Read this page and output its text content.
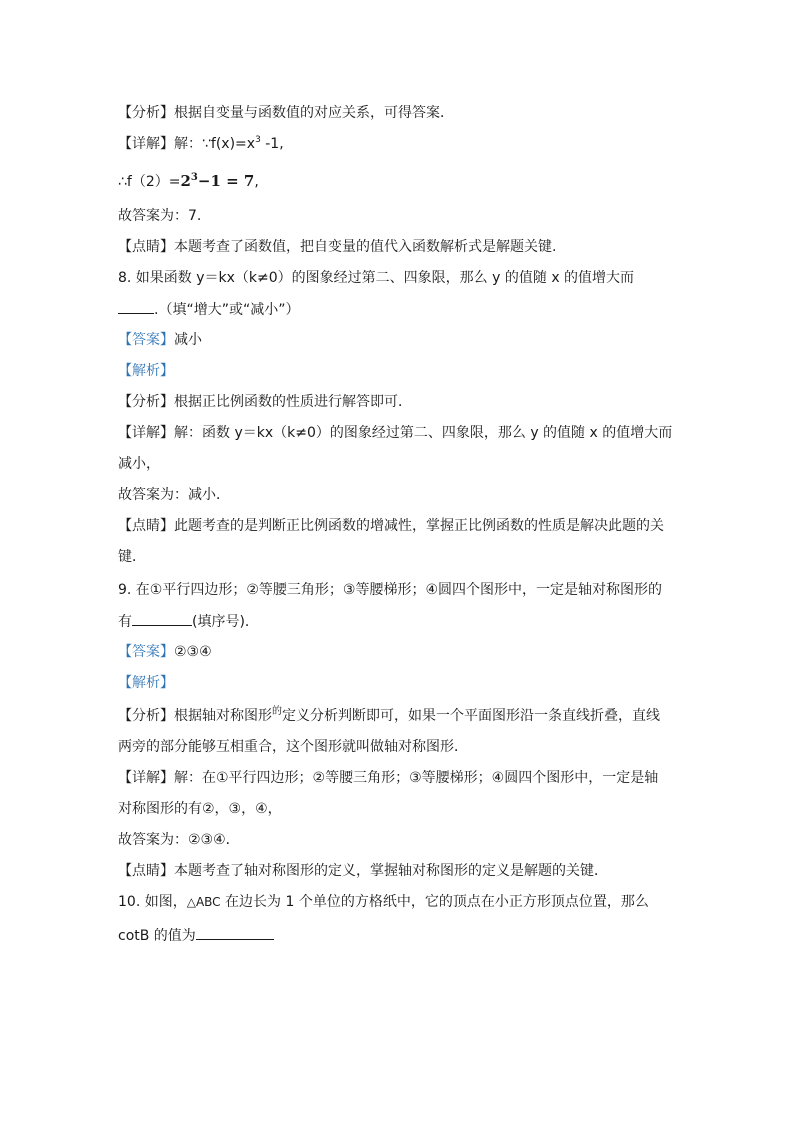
【分析】根据自变量与函数值的对应关系，可得答案．
【详解】解：$\because f(x)=x^3$ -1,
$\therefore f(2)=2^3-1 = 7$,
故答案为：7.
【点睛】本题考查了函数值，把自变量的值代入函数解析式是解题关键.
8. 如果函数 y＝kx（k≠0）的图象经过第二、四象限，那么 y 的值随 x 的值增大而
.（填“增大”或“减小”）
【答案】减小
【解析】
【分析】根据正比例函数的性质进行解答即可．
【详解】解：函数 y＝kx（k≠0）的图象经过第二、四象限，那么 y 的值随 x 的值增大而
减小，
故答案为：减小．
【点睛】此题考查的是判断正比例函数的增减性，掌握正比例函数的性质是解决此题的关
键．
9. 在①平行四边形；②等腰三角形；③等腰梯形；④圆四个图形中，一定是轴对称图形的
有	(填序号)．
【答案】②③④
【解析】
【分析】根据轴对称图形$^的$定义分析判断即可，如果一个平面图形沿一条直线折叠，直线
两旁的部分能够互相重合，这个图形就叫做轴对称图形．
【详解】解：在①平行四边形；②等腰三角形；③等腰梯形；④圆四个图形中，一定是轴
对称图形的有②，③，④，
故答案为：②③④．
【点睛】本题考查了轴对称图形的定义，掌握轴对称图形的定义是解题的关键．
10. 如图，△ABC 在边长为 1 个单位的方格纸中，它的顶点在小正方形顶点位置，那么
cotB 的值为
